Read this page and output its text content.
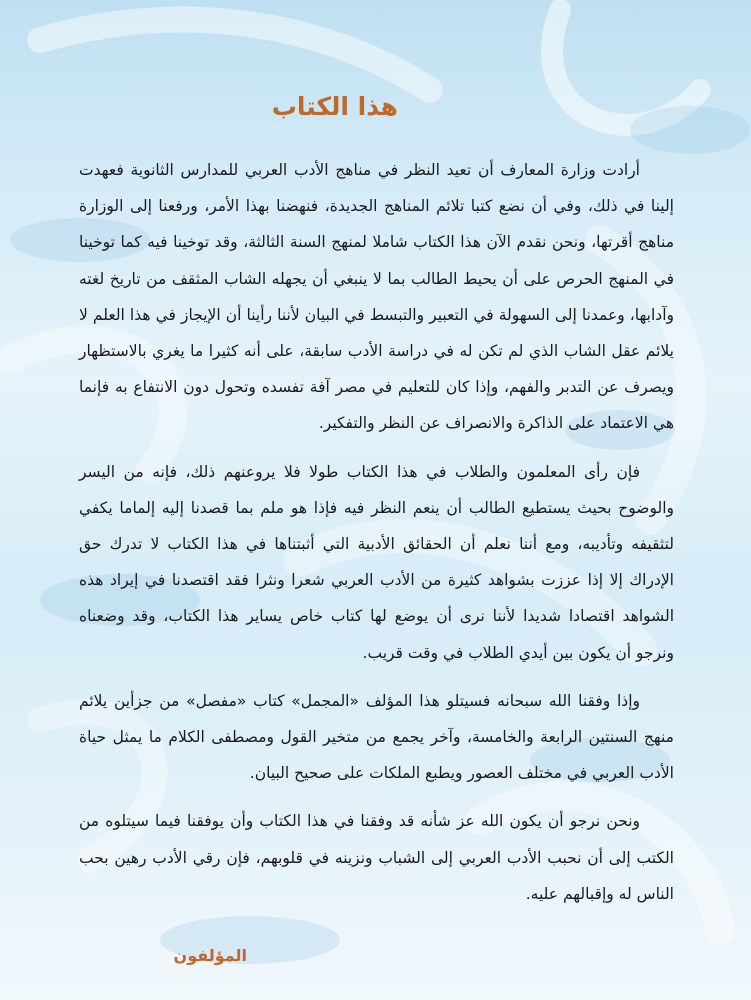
هذا الكتاب

أرادت وزارة المعارف أن تعيد النظر في مناهج الأدب العربي للمدارس الثانوية فعهدت إلينا في ذلك، وفي أن نضع كتبا تلائم المناهج الجديدة، فنهضنا بهذا الأمر، ورفعنا إلى الوزارة مناهج أقرتها، ونحن نقدم الآن هذا الكتاب شاملا لمنهج السنة الثالثة، وقد توخينا فيه كما توخينا في المنهج الحرص على أن يحيط الطالب بما لا ينبغي أن يجهله الشاب المثقف من تاريخ لغته وآدابها، وعمدنا إلى السهولة في التعبير والتبسط في البيان لأننا رأينا أن الإيجاز في هذا العلم لا يلائم عقل الشاب الذي لم تكن له في دراسة الأدب سابقة، على أنه كثيرا ما يغري بالاستظهار ويصرف عن التدبر والفهم، وإذا كان للتعليم في مصر آفة تفسده وتحول دون الانتفاع به فإنما هي الاعتماد على الذاكرة والانصراف عن النظر والتفكير.

فإن رأى المعلمون والطلاب في هذا الكتاب طولا فلا يروعنهم ذلك، فإنه من اليسر والوضوح بحيث يستطيع الطالب أن ينعم النظر فيه فإذا هو ملم بما قصدنا إليه إلماما يكفي لتثقيفه وتأديبه، ومع أننا نعلم أن الحقائق الأدبية التي أثبتناها في هذا الكتاب لا تدرك حق الإدراك إلا إذا عززت بشواهد كثيرة من الأدب العربي شعرا ونثرا فقد اقتصدنا في إيراد هذه الشواهد اقتصادا شديدا لأننا نرى أن يوضع لها كتاب خاص يساير هذا الكتاب، وقد وضعناه ونرجو أن يكون بين أيدي الطلاب في وقت قريب.

وإذا وفقنا الله سبحانه فسيتلو هذا المؤلف «المجمل» كتاب «مفصل» من جزأين يلائم منهج السنتين الرابعة والخامسة، وآخر يجمع من متخير القول ومصطفى الكلام ما يمثل حياة الأدب العربي في مختلف العصور ويطبع الملكات على صحيح البيان.

ونحن نرجو أن يكون الله عز شأنه قد وفقنا في هذا الكتاب وأن يوفقنا فيما سيتلوه من الكتب إلى أن نحبب الأدب العربي إلى الشباب ونزينه في قلوبهم، فإن رقي الأدب رهين بحب الناس له وإقبالهم عليه.

المؤلفون
